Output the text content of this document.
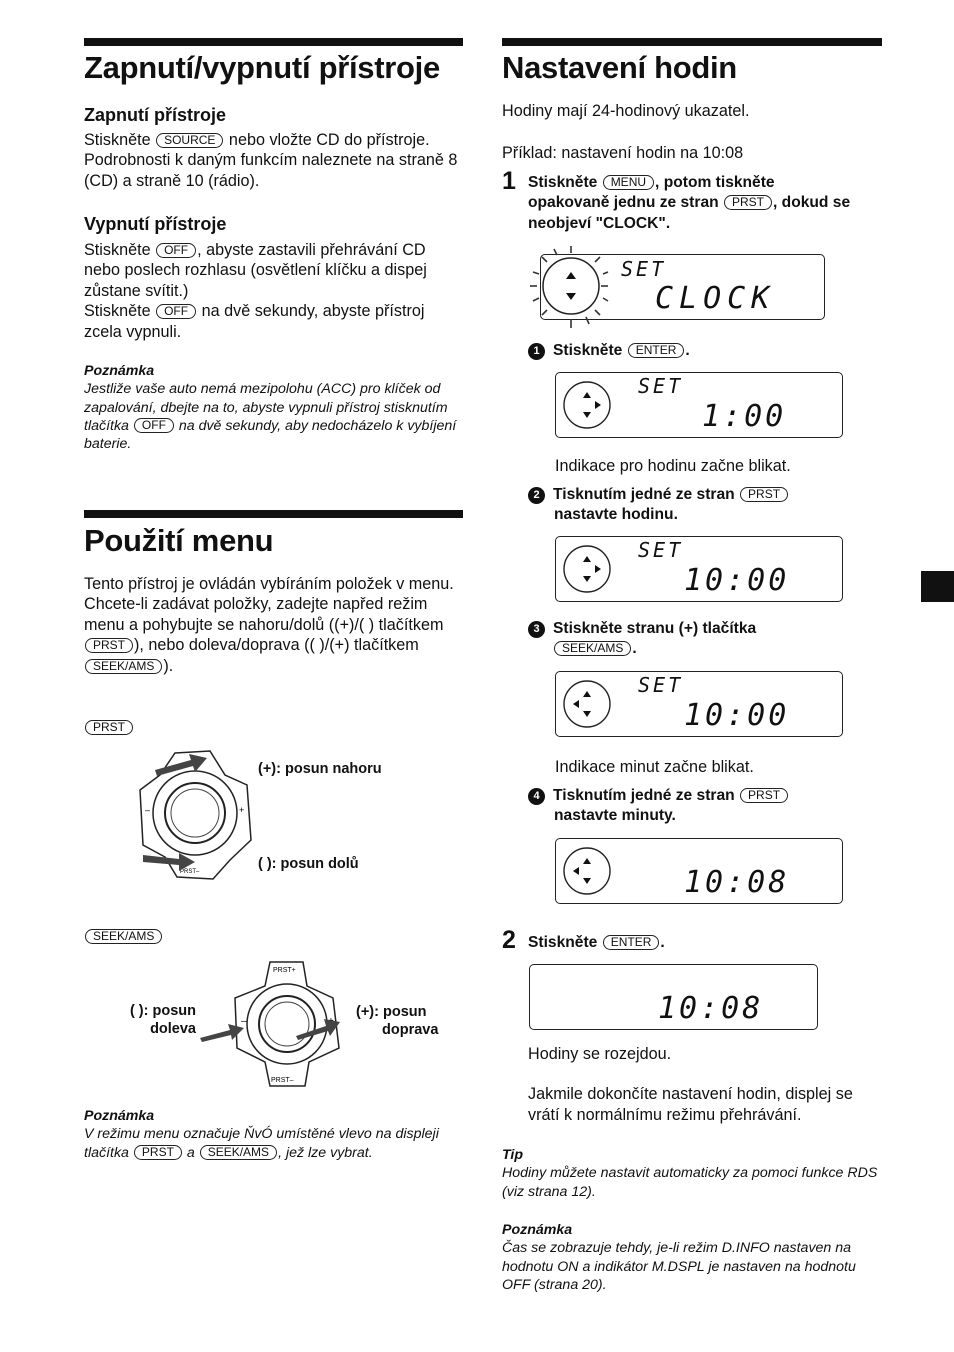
Zapnutí/vypnutí přístroje
Zapnutí přístroje
Stiskněte SOURCE nebo vložte CD do přístroje. Podrobnosti k daným funkcím naleznete na straně 8 (CD) a straně 10 (rádio).
Vypnutí přístroje
Stiskněte OFF , abyste zastavili přehrávání CD nebo poslech rozhlasu (osvětlení klíčku a dispej zůstane svítit.)
Stiskněte OFF na dvě sekundy, abyste přístroj zcela vypnuli.
Poznámka
Jestliže vaše auto nemá mezipolohu (ACC) pro klíček od zapalování, dbejte na to, abyste vypnuli přístroj stisknutím tlačítka OFF na dvě sekundy, aby nedocházelo k vybíjení baterie.
Použití menu
Tento přístroj je ovládán vybíráním položek v menu.
Chcete-li zadávat položky, zadejte napřed režim menu a pohybujte se nahoru/dolů ((+)/( ) tlačítkem PRST ), nebo doleva/doprava (( )/(+) tlačítkem SEEK/AMS ).
PRST
+
–
PRST–
(+): posun nahoru
( ): posun dolů
SEEK/AMS
PRST+
PRST–
–
( ): posun
doleva
(+): posun
doprava
Poznámka
V režimu menu označuje ŇvÓ umístěné vlevo na displeji tlačítka PRST a SEEK/AMS , jež lze vybrat.
Nastavení hodin
Hodiny mají 24-hodinový ukazatel.
Příklad: nastavení hodin na 10:08
1 Stiskněte MENU , potom tiskněte opakovaně jednu ze stran PRST , dokud se neobjeví "CLOCK".
SET
CLOCK
1 Stiskněte ENTER .
SET
1:00
Indikace pro hodinu začne blikat.
2 Tisknutím jedné ze stran PRST
nastavte hodinu.
SET
10:00
3 Stiskněte stranu (+) tlačítka
SEEK/AMS .
SET
10:00
Indikace minut začne blikat.
4 Tisknutím jedné ze stran PRST
nastavte minuty.
10:08
2 Stiskněte ENTER .
10:08
Hodiny se rozejdou.
Jakmile dokončíte nastavení hodin, displej se vrátí k normálnímu režimu přehrávání.
Tip
Hodiny můžete nastavit automaticky za pomoci funkce RDS (viz strana 12).
Poznámka
Čas se zobrazuje tehdy, je-li režim D.INFO nastaven na hodnotu ON a indikátor M.DSPL je nastaven na hodnotu OFF (strana 20).
